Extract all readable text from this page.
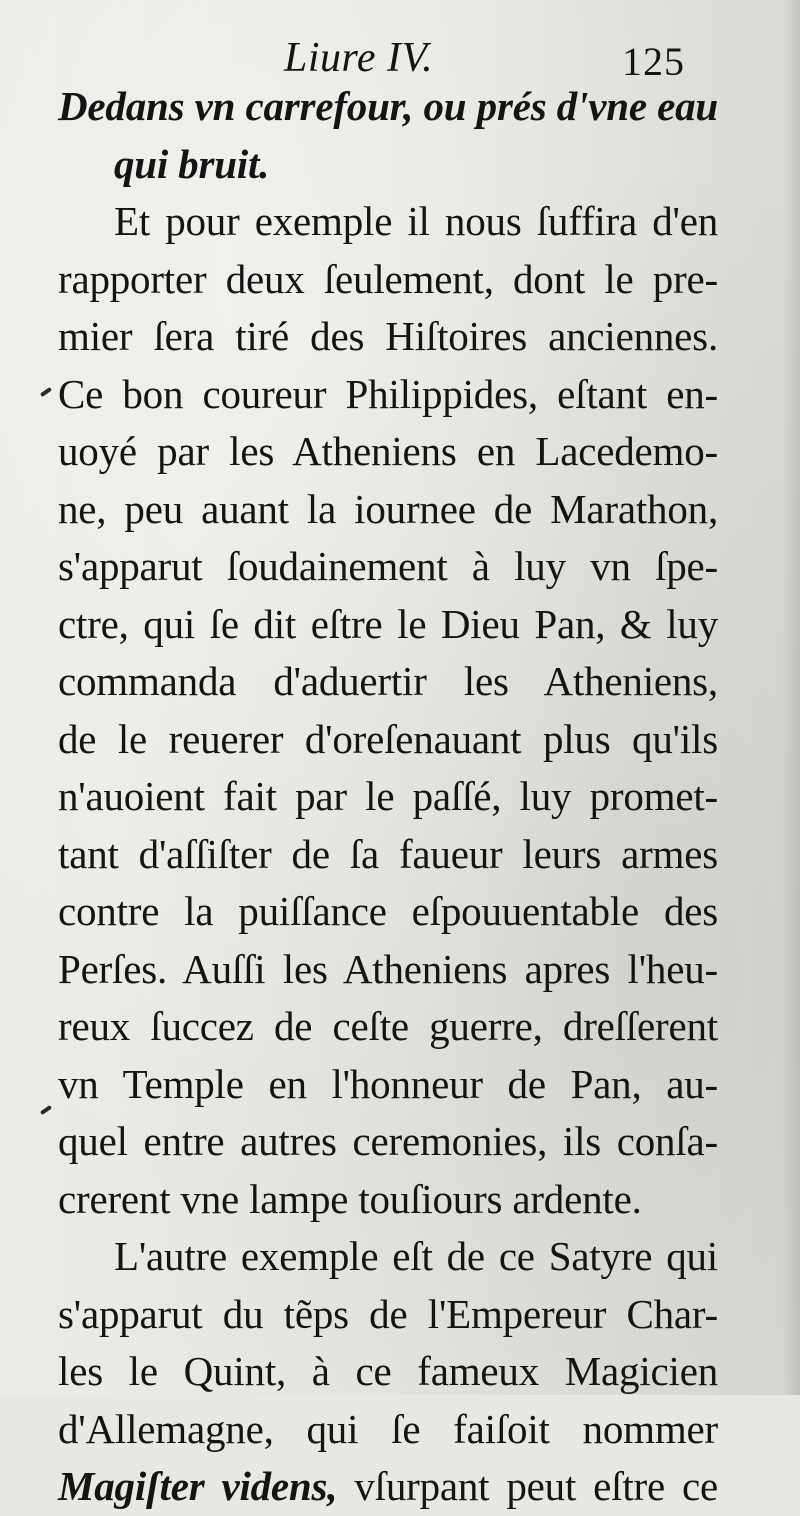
Liure IV.	125
Dedans vn carrefour, ou prés d'vne eau
qui bruit.
Et pour exemple il nous ſuffira d'en
rapporter deux ſeulement, dont le pre-
mier ſera tiré des Hiſtoires anciennes.
Ce bon coureur Philippides, eſtant en-
uoyé par les Atheniens en Lacedemo-
ne, peu auant la iournee de Marathon,
s'apparut ſoudainement à luy vn ſpe-
ctre, qui ſe dit eſtre le Dieu Pan, & luy
commanda d'aduertir les Atheniens,
de le reuerer d'oreſenauant plus qu'ils
n'auoient fait par le paſſé, luy promet-
tant d'aſſiſter de ſa faueur leurs armes
contre la puiſſance eſpouuentable des
Perſes. Auſſi les Atheniens apres l'heu-
reux ſuccez de ceſte guerre, dreſſerent
vn Temple en l'honneur de Pan, au-
quel entre autres ceremonies, ils conſa-
crerent vne lampe touſiours ardente.
L'autre exemple eſt de ce Satyre qui
s'apparut du tẽps de l'Empereur Char-
les le Quint, à ce fameux Magicien
d'Allemagne, qui ſe faiſoit nommer
Magiſter videns, vſurpant peut eſtre ce
